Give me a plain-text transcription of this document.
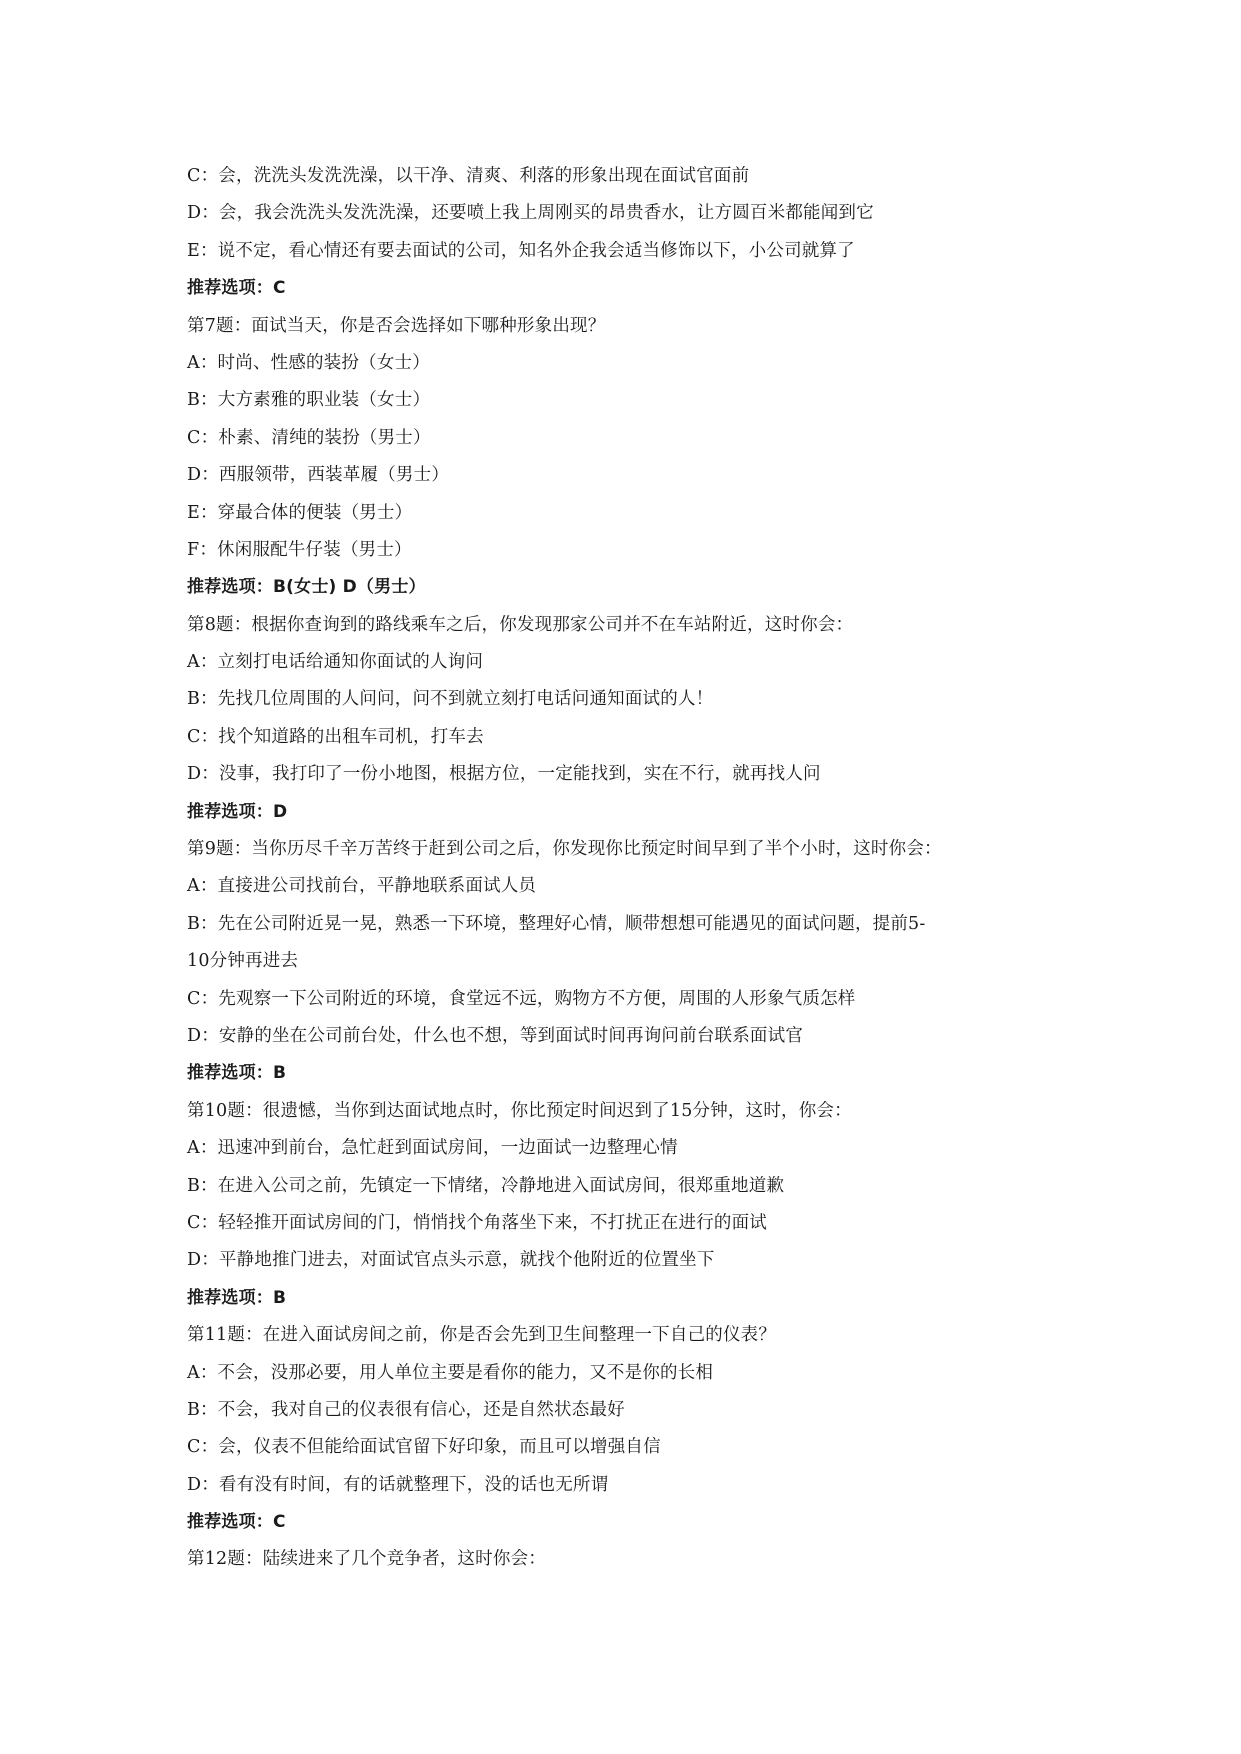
C：会，洗洗头发洗洗澡，以干净、清爽、利落的形象出现在面试官面前
D：会，我会洗洗头发洗洗澡，还要喷上我上周刚买的昂贵香水，让方圆百米都能闻到它
E：说不定，看心情还有要去面试的公司，知名外企我会适当修饰以下，小公司就算了
推荐选项：C
第7题：面试当天，你是否会选择如下哪种形象出现？
A：时尚、性感的装扮（女士）
B：大方素雅的职业装（女士）
C：朴素、清纯的装扮（男士）
D：西服领带，西装革履（男士）
E：穿最合体的便装（男士）
F：休闲服配牛仔装（男士）
推荐选项：B(女士) D（男士）
第8题：根据你查询到的路线乘车之后，你发现那家公司并不在车站附近，这时你会：
A：立刻打电话给通知你面试的人询问
B：先找几位周围的人问问，问不到就立刻打电话问通知面试的人！
C：找个知道路的出租车司机，打车去
D：没事，我打印了一份小地图，根据方位，一定能找到，实在不行，就再找人问
推荐选项：D
第9题：当你历尽千辛万苦终于赶到公司之后，你发现你比预定时间早到了半个小时，这时你会：
A：直接进公司找前台，平静地联系面试人员
B：先在公司附近晃一晃，熟悉一下环境，整理好心情，顺带想想可能遇见的面试问题，提前5-
10分钟再进去
C：先观察一下公司附近的环境，食堂远不远，购物方不方便，周围的人形象气质怎样
D：安静的坐在公司前台处，什么也不想，等到面试时间再询问前台联系面试官
推荐选项：B
第10题：很遗憾，当你到达面试地点时，你比预定时间迟到了15分钟，这时，你会：
A：迅速冲到前台，急忙赶到面试房间，一边面试一边整理心情
B：在进入公司之前，先镇定一下情绪，冷静地进入面试房间，很郑重地道歉
C：轻轻推开面试房间的门，悄悄找个角落坐下来，不打扰正在进行的面试
D：平静地推门进去，对面试官点头示意，就找个他附近的位置坐下
推荐选项：B
第11题：在进入面试房间之前，你是否会先到卫生间整理一下自己的仪表？
A：不会，没那必要，用人单位主要是看你的能力，又不是你的长相
B：不会，我对自己的仪表很有信心，还是自然状态最好
C：会，仪表不但能给面试官留下好印象，而且可以增强自信
D：看有没有时间，有的话就整理下，没的话也无所谓
推荐选项：C
第12题：陆续进来了几个竞争者，这时你会：
